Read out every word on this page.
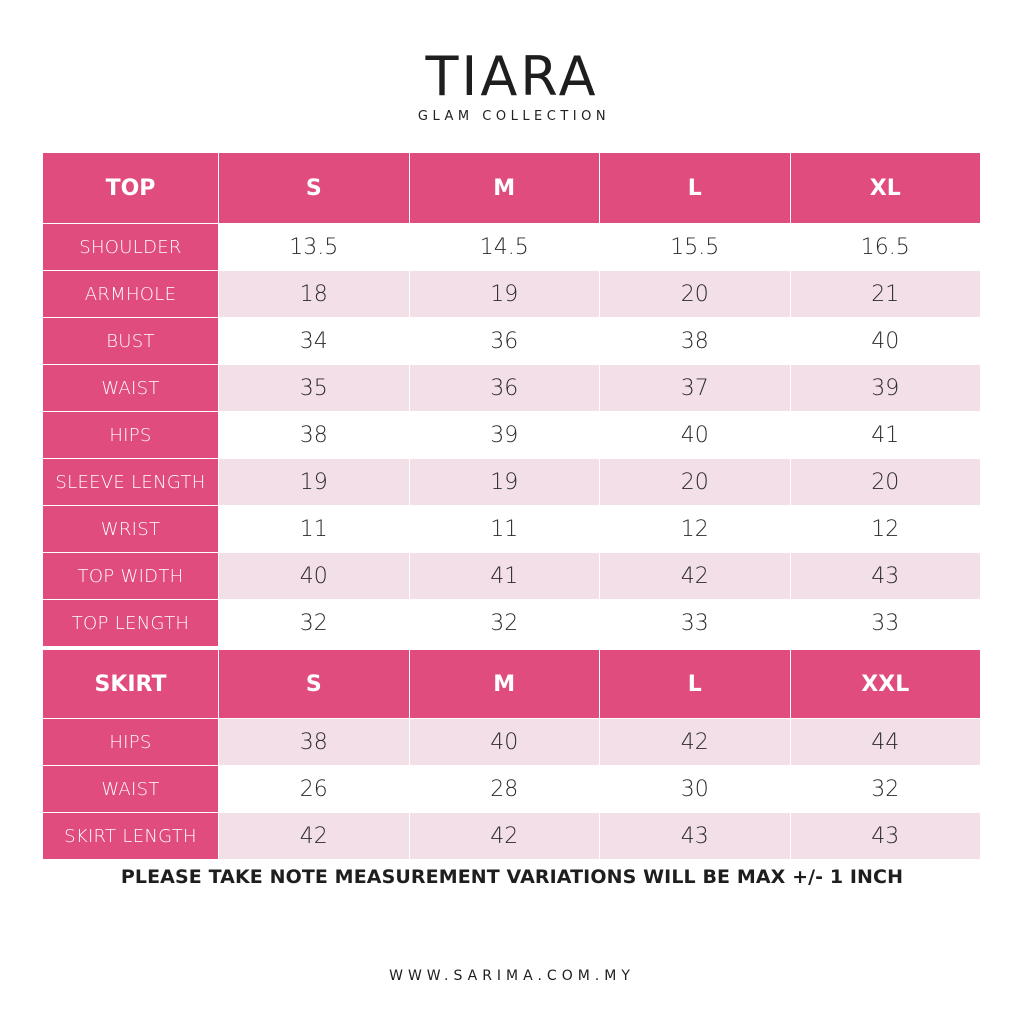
TIARA
GLAM COLLECTION
TOP	S	M	L	XL
SHOULDER	13.5	14.5	15.5	16.5
ARMHOLE	18	19	20	21
BUST	34	36	38	40
WAIST	35	36	37	39
HIPS	38	39	40	41
SLEEVE LENGTH	19	19	20	20
WRIST	11	11	12	12
TOP WIDTH	40	41	42	43
TOP LENGTH	32	32	33	33

SKIRT	S	M	L	XXL
HIPS	38	40	42	44
WAIST	26	28	30	32
SKIRT LENGTH	42	42	43	43
PLEASE TAKE NOTE MEASUREMENT VARIATIONS WILL BE MAX +/- 1 INCH
WWW.SARIMA.COM.MY
